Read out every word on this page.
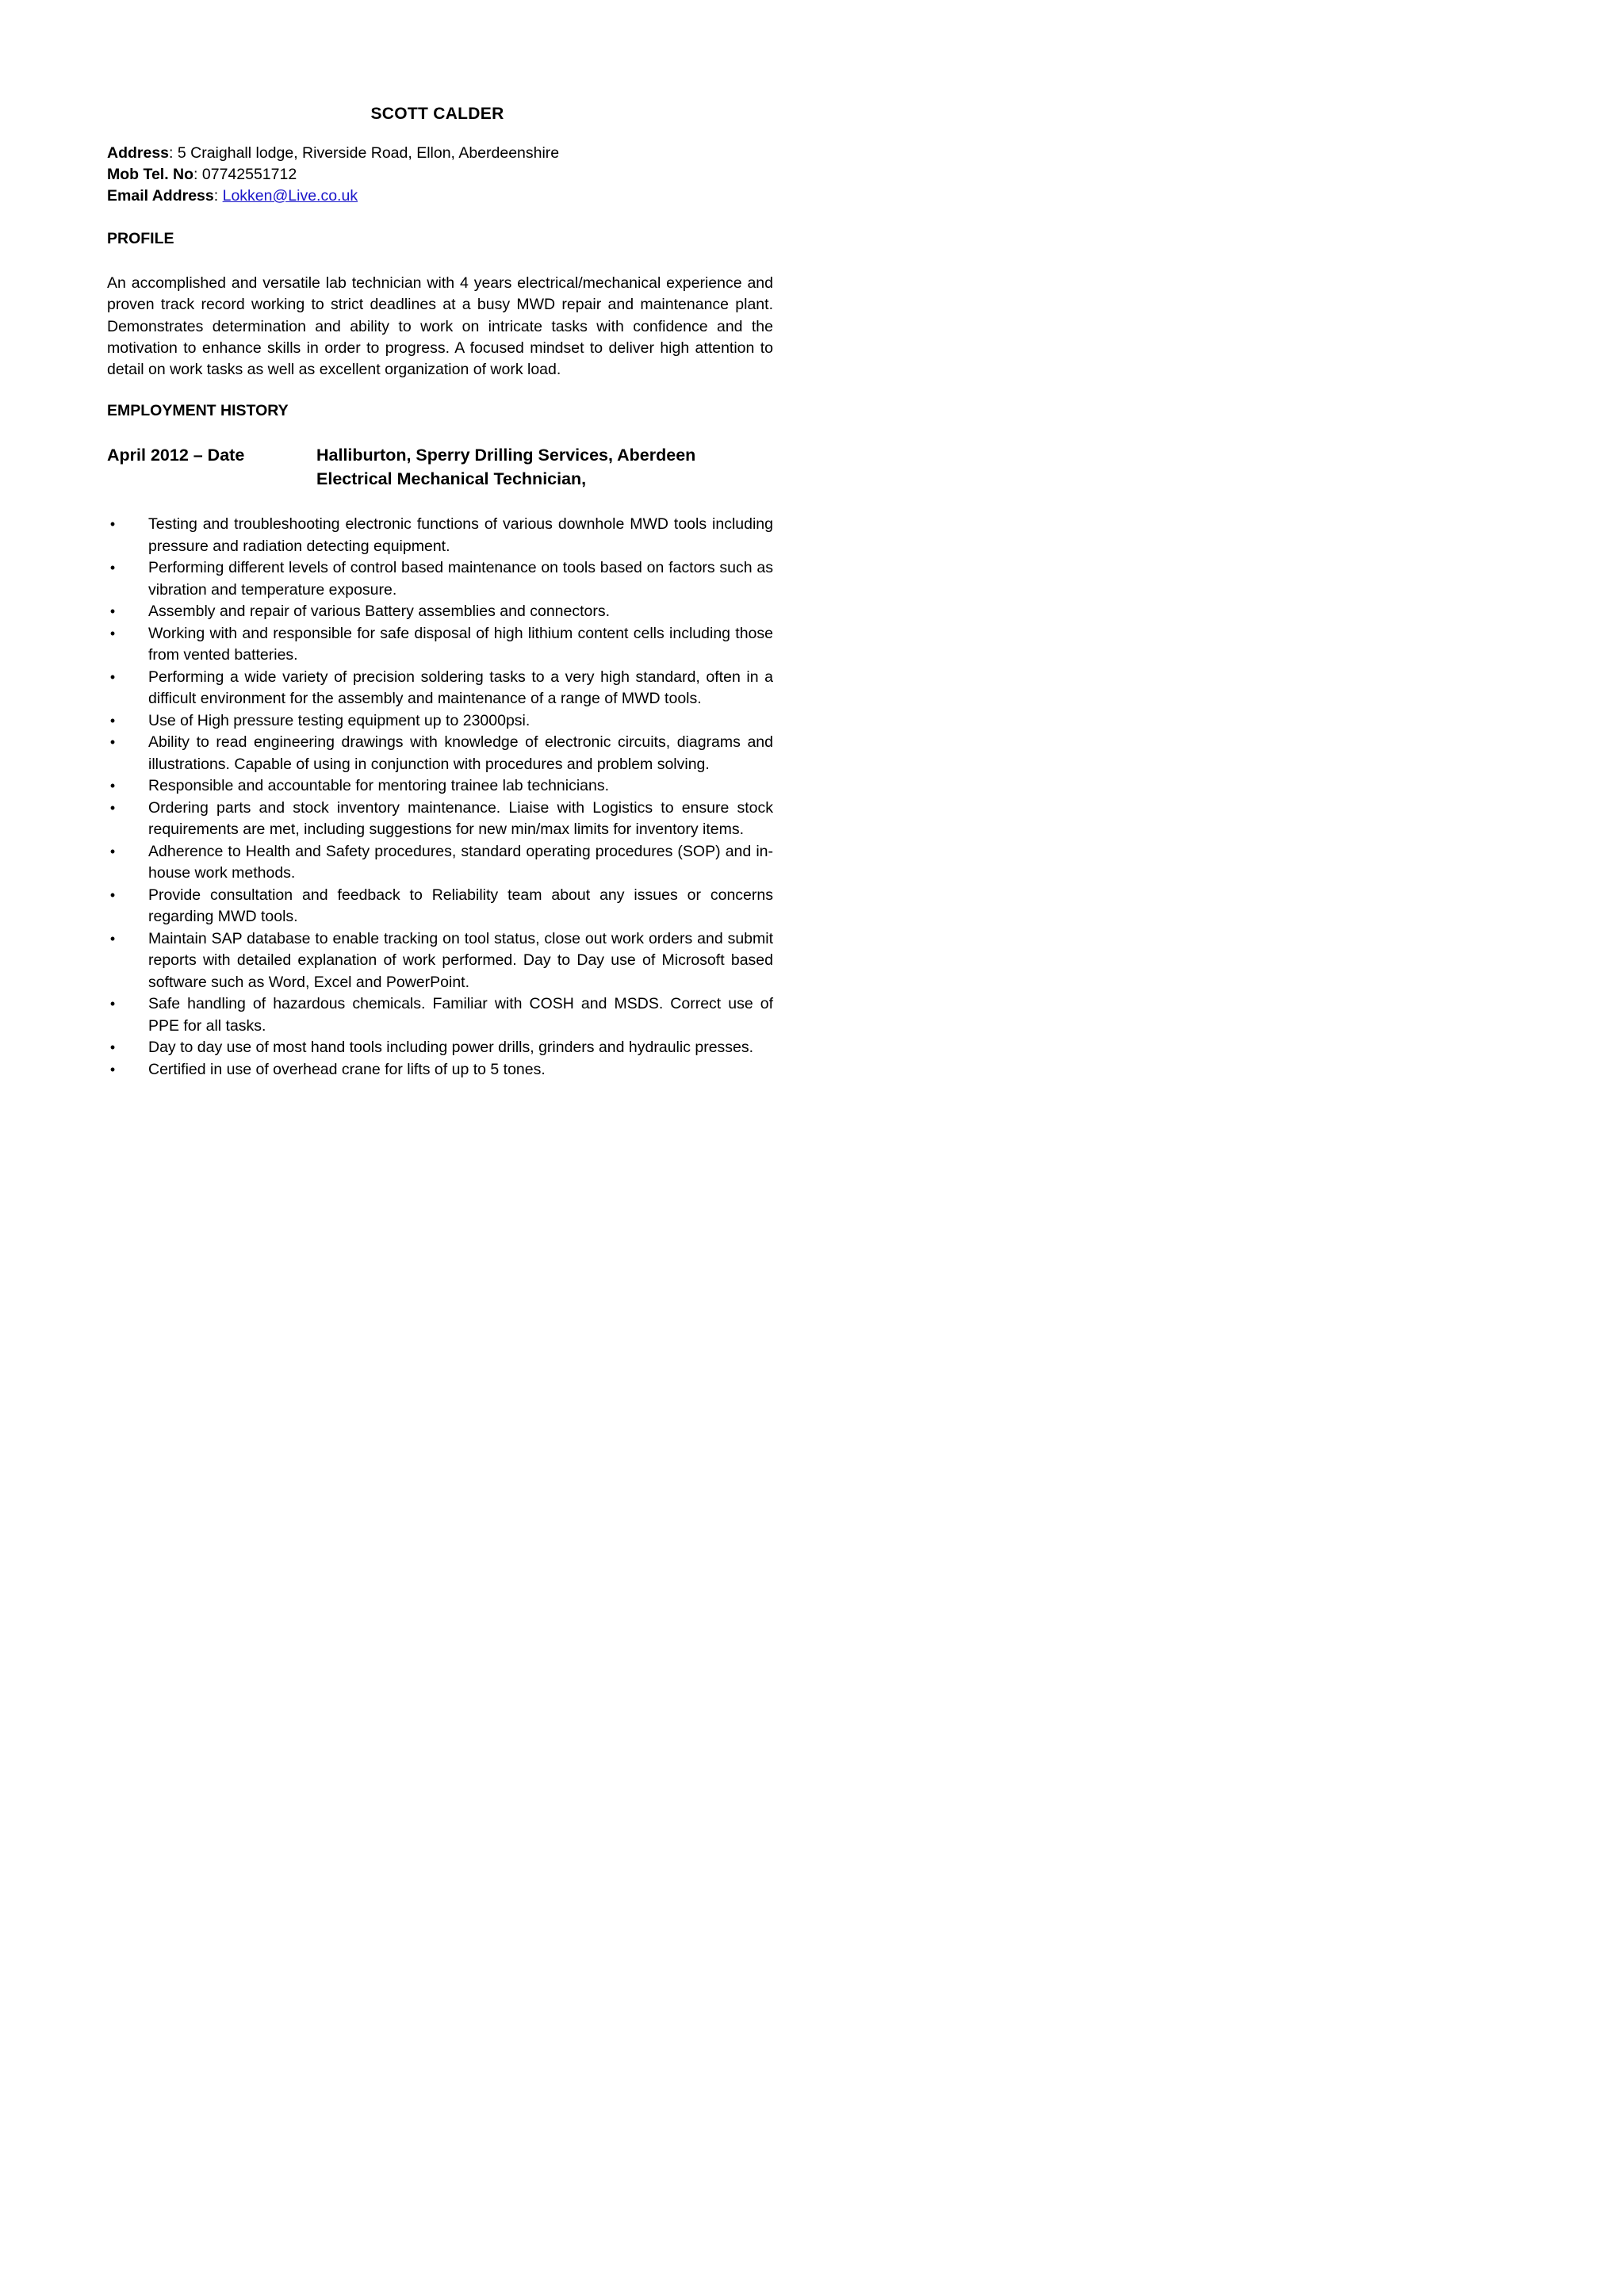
SCOTT CALDER
Address: 5 Craighall lodge, Riverside Road, Ellon, Aberdeenshire
Mob Tel. No: 07742551712
Email Address: Lokken@Live.co.uk
PROFILE
An accomplished and versatile lab technician with 4 years electrical/mechanical experience and proven track record working to strict deadlines at a busy MWD repair and maintenance plant. Demonstrates determination and ability to work on intricate tasks with confidence and the motivation to enhance skills in order to progress. A focused mindset to deliver high attention to detail on work tasks as well as excellent organization of work load.
EMPLOYMENT HISTORY
April 2012 – Date	Halliburton, Sperry Drilling Services, Aberdeen
Electrical Mechanical Technician,
• Testing and troubleshooting electronic functions of various downhole MWD tools including pressure and radiation detecting equipment.
• Performing different levels of control based maintenance on tools based on factors such as vibration and temperature exposure.
• Assembly and repair of various Battery assemblies and connectors.
• Working with and responsible for safe disposal of high lithium content cells including those from vented batteries.
• Performing a wide variety of precision soldering tasks to a very high standard, often in a difficult environment for the assembly and maintenance of a range of MWD tools.
• Use of High pressure testing equipment up to 23000psi.
• Ability to read engineering drawings with knowledge of electronic circuits, diagrams and illustrations. Capable of using in conjunction with procedures and problem solving.
• Responsible and accountable for mentoring trainee lab technicians.
• Ordering parts and stock inventory maintenance. Liaise with Logistics to ensure stock requirements are met, including suggestions for new min/max limits for inventory items.
• Adherence to Health and Safety procedures, standard operating procedures (SOP) and in-house work methods.
• Provide consultation and feedback to Reliability team about any issues or concerns regarding MWD tools.
• Maintain SAP database to enable tracking on tool status, close out work orders and submit reports with detailed explanation of work performed. Day to Day use of Microsoft based software such as Word, Excel and PowerPoint.
• Safe handling of hazardous chemicals. Familiar with COSH and MSDS. Correct use of PPE for all tasks.
• Day to day use of most hand tools including power drills, grinders and hydraulic presses.
• Certified in use of overhead crane for lifts of up to 5 tones.
